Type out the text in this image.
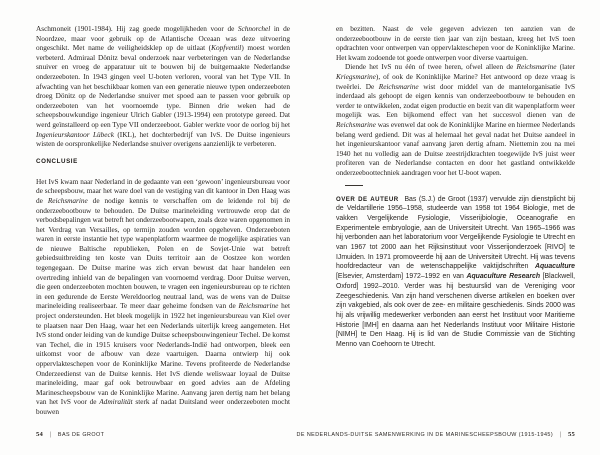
Aschmoneit (1901-1984). Hij zag goede mogelijkheden voor de Schnorchel in de Noordzee, maar voor gebruik op de Atlantische Oceaan was deze uitvoering ongeschikt. Met name de veiligheidsklep op de uitlaat (Kopfventil) moest worden verbeterd. Admiraal Dönitz beval onderzoek naar verbeteringen van de Nederlandse snuiver en vroeg de apparatuur uit te bouwen bij de buitgemaakte Nederlandse onderzeeboten. In 1943 gingen veel U-boten verloren, vooral van het Type VII. In afwachting van het beschikbaar komen van een generatie nieuwe typen onderzeeboten droeg Dönitz op de Nederlandse snuiver met spoed aan te passen voor gebruik op onderzeeboten van het voornoemde type. Binnen drie weken had de scheepsbouwkundige ingenieur Ulrich Gabler (1913-1994) een prototype gereed. Dat werd geïnstalleerd op een Type VII onderzeeboot. Gabler werkte voor de oorlog bij het Ingenieurskantoor Lübeck (IKL), het dochterbedrijf van IvS. De Duitse ingenieurs wisten de oorspronkelijke Nederlandse snuiver overigens aanzienlijk te verbeteren.

CONCLUSIE

Het IvS kwam naar Nederland in de gedaante van een ‘gewoon’ ingenieursbureau voor de scheepsbouw, maar het ware doel van de vestiging van dit kantoor in Den Haag was de Reichsmarine de nodige kennis te verschaffen om de leidende rol bij de onderzeebootbouw te behouden. De Duitse marineleiding vertrouwde erop dat de verbodsbepalingen wat betreft het onderzeebootwapen, zoals deze waren opgenomen in het Verdrag van Versailles, op termijn zouden worden opgeheven. Onderzeeboten waren in eerste instantie het type wapenplatform waarmee de mogelijke aspiraties van de nieuwe Baltische republieken, Polen en de Sovjet-Unie wat betreft gebiedsuitbreiding ten koste van Duits territoir aan de Oostzee kon worden tegengegaan. De Duitse marine was zich ervan bewust dat haar handelen een overtreding inhield van de bepalingen van voornoemd verdrag. Door Duitse werven, die geen onderzeeboten mochten bouwen, te vragen een ingenieursbureau op te richten in een gedurende de Eerste Wereldoorlog neutraal land, was de wens van de Duitse marineleiding realiseerbaar. Te meer daar geheime fondsen van de Reichsmarine het project ondersteunden. Het bleek mogelijk in 1922 het ingenieursbureau van Kiel over te plaatsen naar Den Haag, waar het een Nederlands uiterlijk kreeg aangemeten. Het IvS stond onder leiding van de kundige Duitse scheepsbouwingenieur Techel. De komst van Techel, die in 1915 kruisers voor Nederlands-Indië had ontworpen, bleek een uitkomst voor de afbouw van deze vaartuigen. Daarna ontwierp hij ook oppervlakteschepen voor de Koninklijke Marine. Tevens profiteerde de Nederlandse Onderzeedienst van de Duitse kennis. Het IvS diende weliswaar loyaal de Duitse marineleiding, maar gaf ook betrouwbaar en goed advies aan de Afdeling Marinescheepsbouw van de Koninklijke Marine. Aanvang jaren dertig nam het belang van het IvS voor de Admiralität sterk af nadat Duitsland weer onderzeeboten mocht bouwen

en bezitten. Naast de vele gegeven adviezen ten aanzien van de onderzeebootbouw in de eerste tien jaar van zijn bestaan, kreeg het IvS toen opdrachten voor ontwerpen van oppervlakteschepen voor de Koninklijke Marine. Het kwam zodoende tot goede ontwerpen voor diverse vaartuigen.

Diende het IvS nu één of twee heren, ofwel alleen de Reichsmarine (later Kriegsmarine), of ook de Koninklijke Marine? Het antwoord op deze vraag is tweërlei. De Reichsmarine wist door middel van de mantelorganisatie IvS inderdaad als gehoopt de eigen kennis van onderzeebootbouw te behouden en verder te ontwikkelen, zodat eigen productie en bezit van dit wapenplatform weer mogelijk was. Een bijkomend effect van het succesvol dienen van de Reichsmarine was evenwel dat ook de Koninklijke Marine en hiermee Nederlands belang werd gediend. Dit was al helemaal het geval nadat het Duitse aandeel in het ingenieurskantoor vanaf aanvang jaren dertig afnam. Niettemin zou na mei 1940 het nu volledig aan de Duitse zeestrijdkrachten toegewijde IvS juist weer profiteren van de Nederlandse contacten en door het gastland ontwikkelde onderzeeboottechniek aandragen voor het U-boot wapen.

OVER DE AUTEUR Bas (S.J.) de Groot (1937) vervulde zijn dienstplicht bij de Veldartillerie 1956–1958, studeerde van 1958 tot 1964 Biologie, met de vakken Vergelijkende Fysiologie, Visserijbiologie, Oceanografie en Experimentele embryologie, aan de Universiteit Utrecht. Van 1965–1966 was hij verbonden aan het laboratorium voor Vergelijkende Fysiologie te Utrecht en van 1967 tot 2000 aan het Rijksinstituut voor Visserijonderzoek [RIVO] te IJmuiden. In 1971 promoveerde hij aan de Universiteit Utrecht. Hij was tevens hoofdredacteur van de wetenschappelijke vaktijdschriften Aquaculture [Elsevier, Amsterdam] 1972–1992 en van Aquaculture Research [Blackwell, Oxford] 1992–2010. Verder was hij bestuurslid van de Vereniging voor Zeegeschiedenis. Van zijn hand verschenen diverse artikelen en boeken over zijn vakgebied, als ook over de zee- en militaire geschiedenis. Sinds 2000 was hij als vrijwillig medewerker verbonden aan eerst het Instituut voor Maritieme Historie [IMH] en daarna aan het Nederlands Instituut voor Militaire Historie [NIMH] te Den Haag. Hij is lid van de Studie Commissie van de Stichting Menno van Coehoorn te Utrecht.

54 | BAS DE GROOT	DE NEDERLANDS-DUITSE SAMENWERKING IN DE MARINESCHEEPSBOUW (1915-1945) | 55
